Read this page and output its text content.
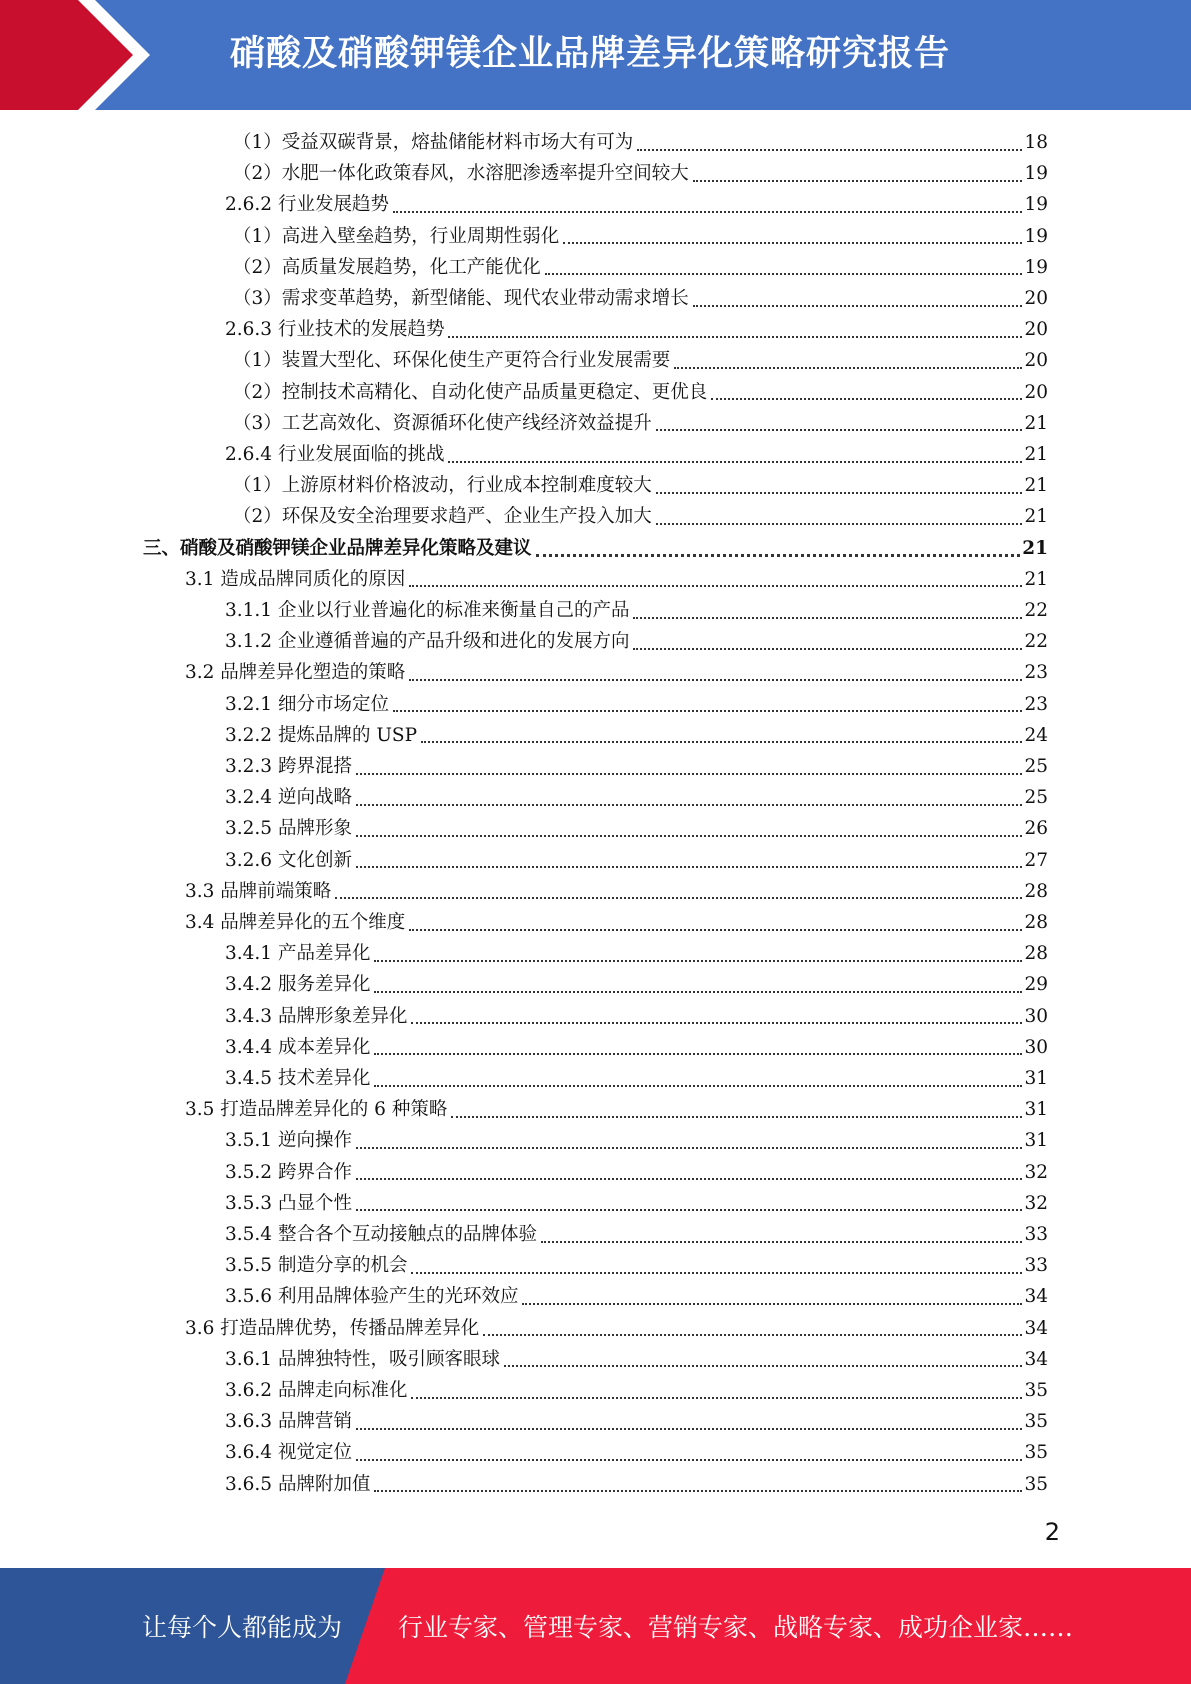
硝酸及硝酸钾镁企业品牌差异化策略研究报告
（1）受益双碳背景，熔盐储能材料市场大有可为	18
（2）水肥一体化政策春风，水溶肥渗透率提升空间较大	19
2.6.2 行业发展趋势	19
（1）高进入壁垒趋势，行业周期性弱化	19
（2）高质量发展趋势，化工产能优化	19
（3）需求变革趋势，新型储能、现代农业带动需求增长	20
2.6.3 行业技术的发展趋势	20
（1）装置大型化、环保化使生产更符合行业发展需要	20
（2）控制技术高精化、自动化使产品质量更稳定、更优良	20
（3）工艺高效化、资源循环化使产线经济效益提升	21
2.6.4 行业发展面临的挑战	21
（1）上游原材料价格波动，行业成本控制难度较大	21
（2）环保及安全治理要求趋严、企业生产投入加大	21
三、硝酸及硝酸钾镁企业品牌差异化策略及建议	21
3.1 造成品牌同质化的原因	21
3.1.1 企业以行业普遍化的标准来衡量自己的产品	22
3.1.2 企业遵循普遍的产品升级和进化的发展方向	22
3.2 品牌差异化塑造的策略	23
3.2.1 细分市场定位	23
3.2.2 提炼品牌的 USP	24
3.2.3 跨界混搭	25
3.2.4 逆向战略	25
3.2.5 品牌形象	26
3.2.6 文化创新	27
3.3 品牌前端策略	28
3.4 品牌差异化的五个维度	28
3.4.1 产品差异化	28
3.4.2 服务差异化	29
3.4.3 品牌形象差异化	30
3.4.4 成本差异化	30
3.4.5 技术差异化	31
3.5 打造品牌差异化的 6 种策略	31
3.5.1 逆向操作	31
3.5.2 跨界合作	32
3.5.3 凸显个性	32
3.5.4 整合各个互动接触点的品牌体验	33
3.5.5 制造分享的机会	33
3.5.6 利用品牌体验产生的光环效应	34
3.6 打造品牌优势，传播品牌差异化	34
3.6.1 品牌独特性，吸引顾客眼球	34
3.6.2 品牌走向标准化	35
3.6.3 品牌营销	35
3.6.4 视觉定位	35
3.6.5 品牌附加值	35
2
让每个人都能成为 行业专家、管理专家、营销专家、战略专家、成功企业家……
